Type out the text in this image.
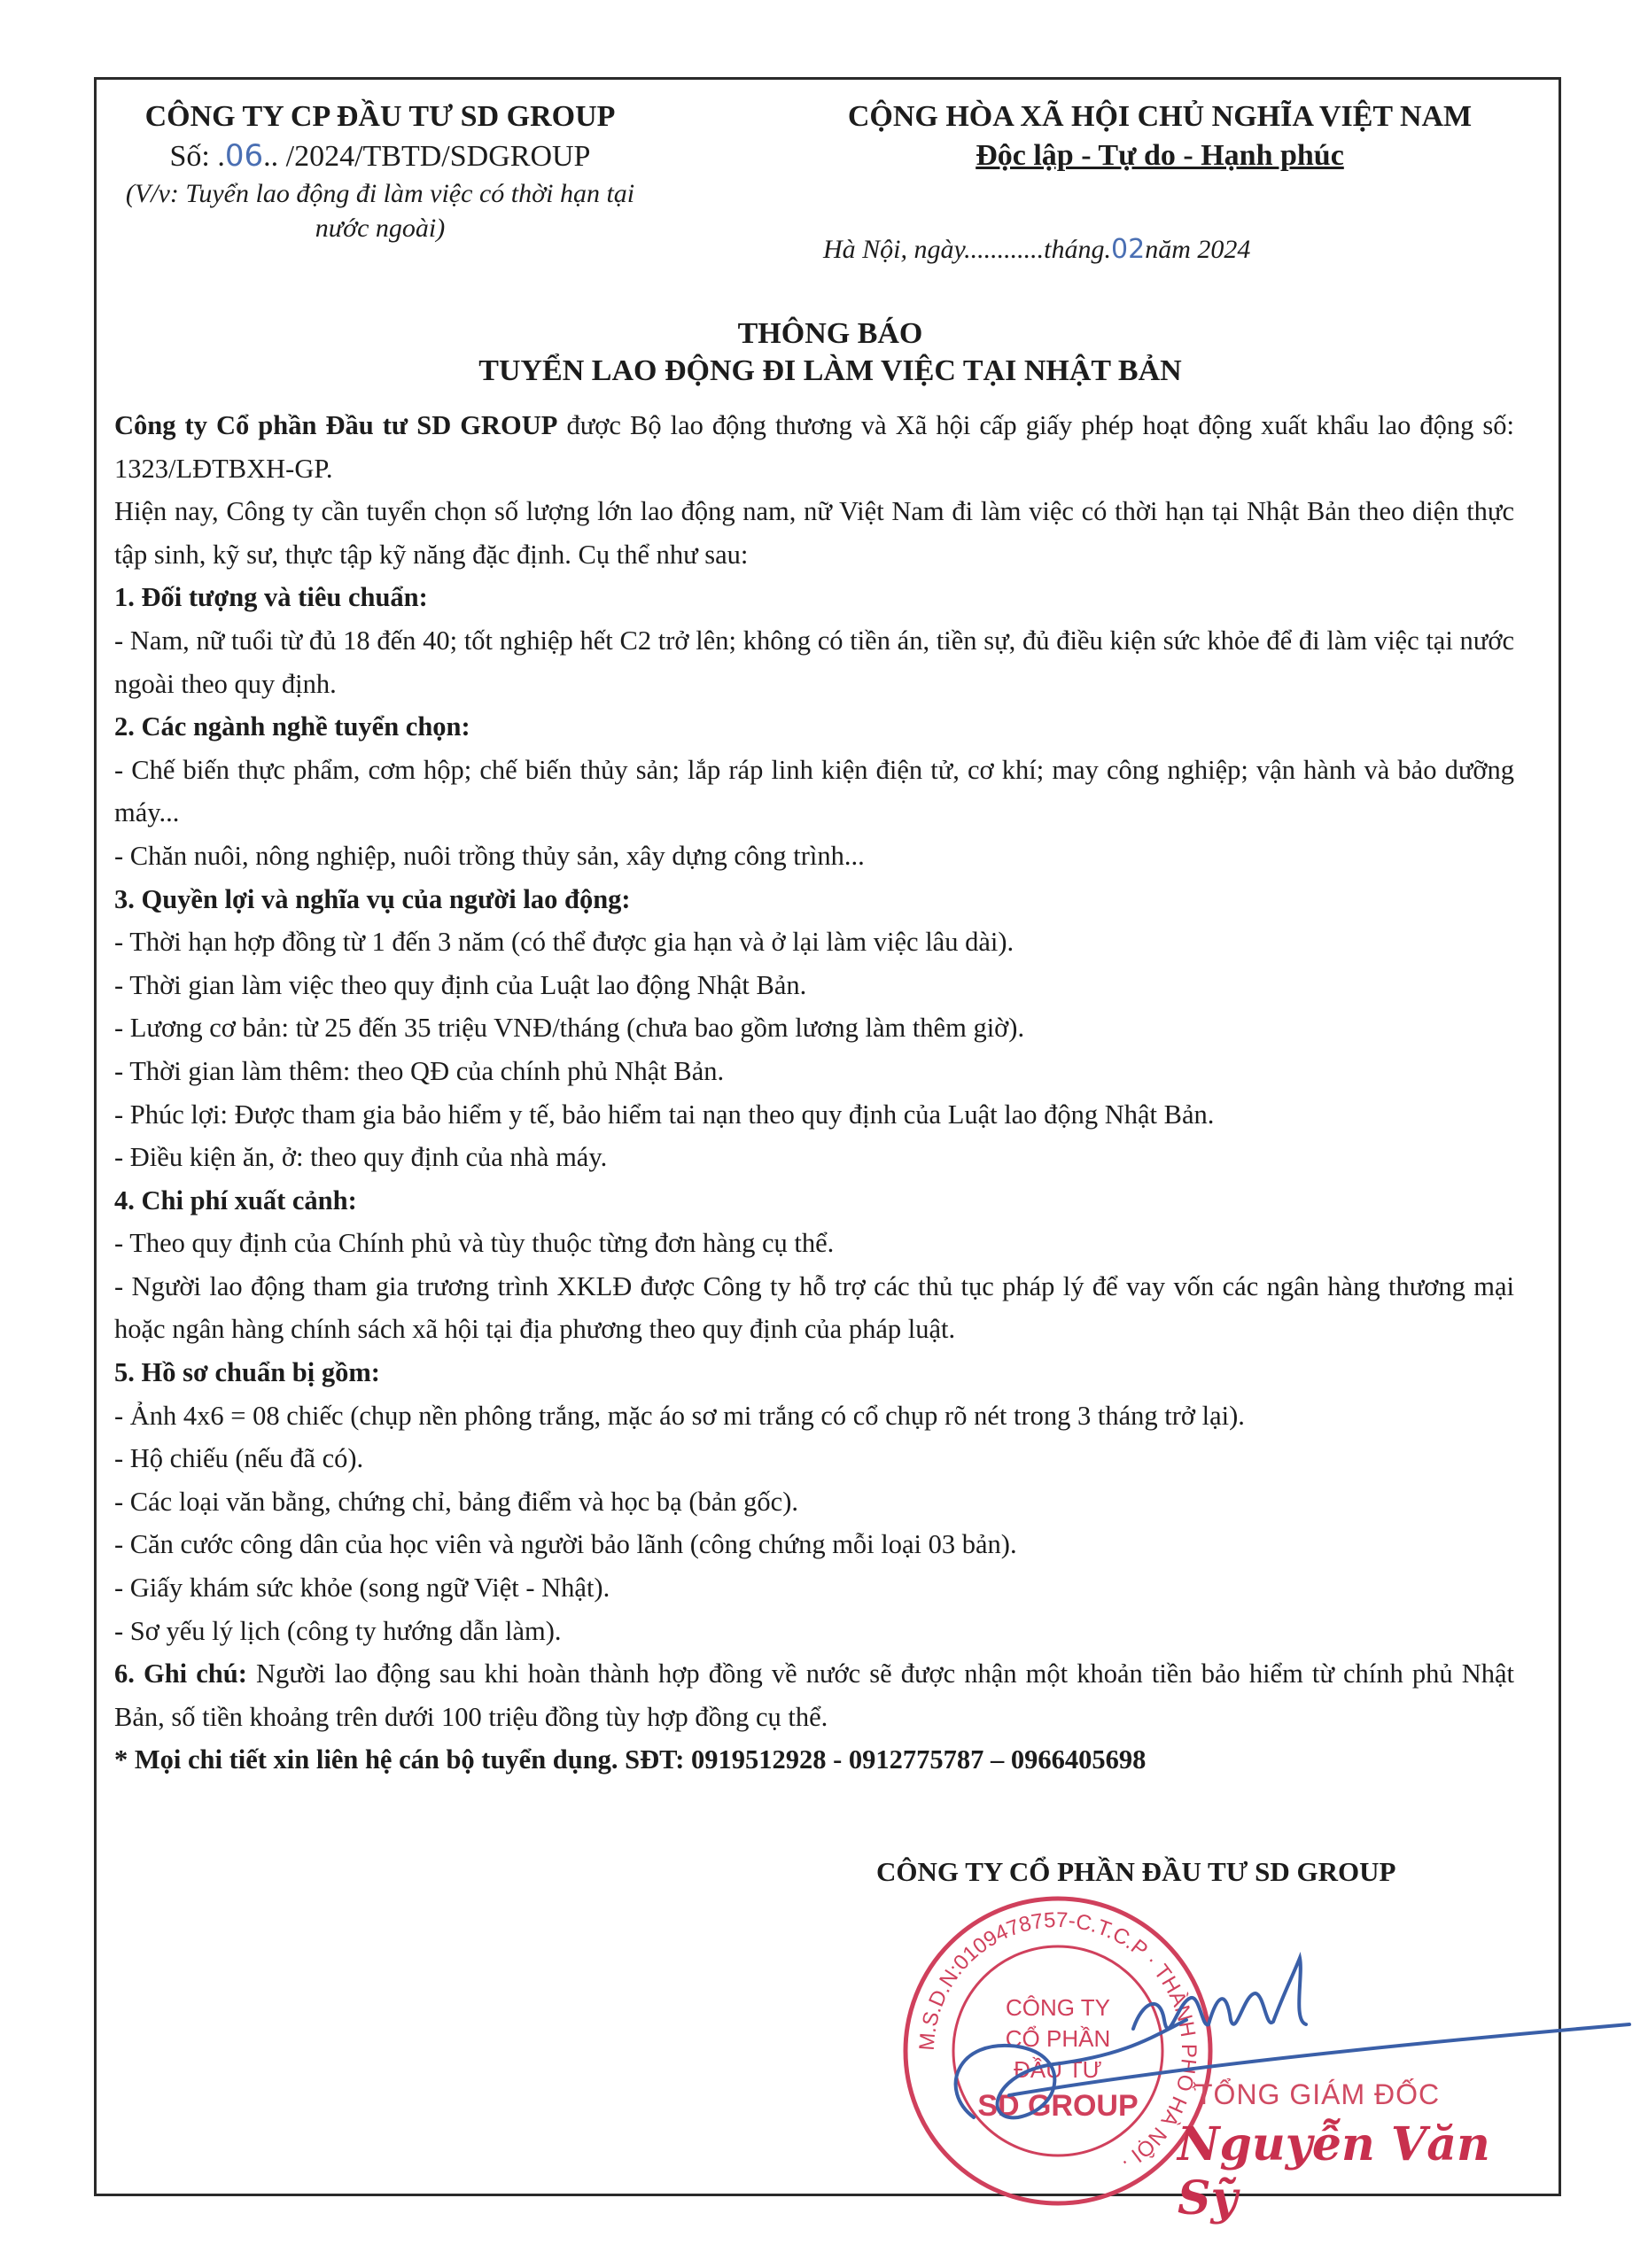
CÔNG TY CP ĐẦU TƯ SD GROUP
Số: .06.. /2024/TBTD/SDGROUP
(V/v: Tuyển lao động đi làm việc có thời hạn tại
nước ngoài)
CỘNG HÒA XÃ HỘI CHỦ NGHĨA VIỆT NAM
Độc lập - Tự do - Hạnh phúc
Hà Nội, ngày............tháng.02năm 2024
THÔNG BÁO
TUYỂN LAO ĐỘNG ĐI LÀM VIỆC TẠI NHẬT BẢN

Công ty Cổ phần Đầu tư SD GROUP được Bộ lao động thương và Xã hội cấp giấy phép hoạt động xuất khẩu lao động số: 1323/LĐTBXH-GP.

Hiện nay, Công ty cần tuyển chọn số lượng lớn lao động nam, nữ Việt Nam đi làm việc có thời hạn tại Nhật Bản theo diện thực tập sinh, kỹ sư, thực tập kỹ năng đặc định. Cụ thể như sau:

1. Đối tượng và tiêu chuẩn:

- Nam, nữ tuổi từ đủ 18 đến 40; tốt nghiệp hết C2 trở lên; không có tiền án, tiền sự, đủ điều kiện sức khỏe để đi làm việc tại nước ngoài theo quy định.

2. Các ngành nghề tuyển chọn:

- Chế biến thực phẩm, cơm hộp; chế biến thủy sản; lắp ráp linh kiện điện tử, cơ khí; may công nghiệp; vận hành và bảo dưỡng máy...

- Chăn nuôi, nông nghiệp, nuôi trồng thủy sản, xây dựng công trình...

3. Quyền lợi và nghĩa vụ của người lao động:

- Thời hạn hợp đồng từ 1 đến 3 năm (có thể được gia hạn và ở lại làm việc lâu dài).

- Thời gian làm việc theo quy định của Luật lao động Nhật Bản.

- Lương cơ bản: từ 25 đến 35 triệu VNĐ/tháng (chưa bao gồm lương làm thêm giờ).

- Thời gian làm thêm: theo QĐ của chính phủ Nhật Bản.

- Phúc lợi: Được tham gia bảo hiểm y tế, bảo hiểm tai nạn theo quy định của Luật lao động Nhật Bản.

- Điều kiện ăn, ở: theo quy định của nhà máy.

4. Chi phí xuất cảnh:

- Theo quy định của Chính phủ và tùy thuộc từng đơn hàng cụ thể.

- Người lao động tham gia trương trình XKLĐ được Công ty hỗ trợ các thủ tục pháp lý để vay vốn các ngân hàng thương mại hoặc ngân hàng chính sách xã hội tại địa phương theo quy định của pháp luật.

5. Hồ sơ chuẩn bị gồm:

- Ảnh 4x6 = 08 chiếc (chụp nền phông trắng, mặc áo sơ mi trắng có cổ chụp rõ nét trong 3 tháng trở lại).

- Hộ chiếu (nếu đã có).

- Các loại văn bằng, chứng chỉ, bảng điểm và học bạ (bản gốc).

- Căn cước công dân của học viên và người bảo lãnh (công chứng mỗi loại 03 bản).

- Giấy khám sức khỏe (song ngữ Việt - Nhật).

- Sơ yếu lý lịch (công ty hướng dẫn làm).

6. Ghi chú: Người lao động sau khi hoàn thành hợp đồng về nước sẽ được nhận một khoản tiền bảo hiểm từ chính phủ Nhật Bản, số tiền khoảng trên dưới 100 triệu đồng tùy hợp đồng cụ thể.

* Mọi chi tiết xin liên hệ cán bộ tuyển dụng. SĐT: 0919512928 - 0912775787 – 0966405698

CÔNG TY CỔ PHẦN ĐẦU TƯ SD GROUP
M.S.D.N:0109478757-C.T.C.P · THÀNH PHỐ HÀ NỘI ·
CÔNG TY
CỔ PHẦN
ĐẦU TƯ
SD GROUP TỔNG GIÁM ĐỐC
Nguyễn Văn Sỹ
